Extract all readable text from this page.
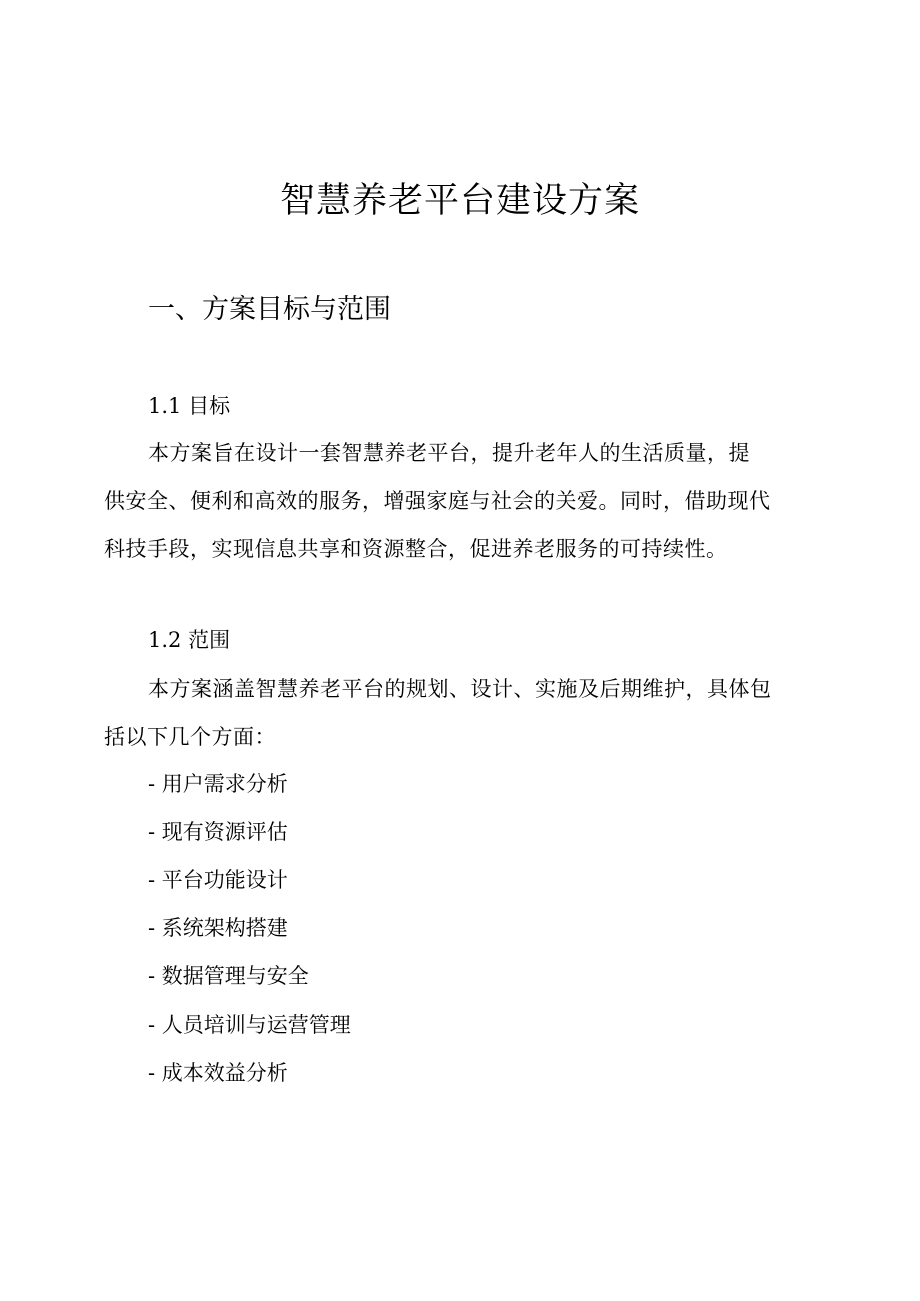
智慧养老平台建设方案
一、方案目标与范围
1.1 目标

本方案旨在设计一套智慧养老平台，提升老年人的生活质量，提

供安全、便利和高效的服务，增强家庭与社会的关爱。同时，借助现代

科技手段，实现信息共享和资源整合，促进养老服务的可持续性。

1.2 范围

本方案涵盖智慧养老平台的规划、设计、实施及后期维护，具体包

括以下几个方面：

- 用户需求分析

- 现有资源评估

- 平台功能设计

- 系统架构搭建

- 数据管理与安全

- 人员培训与运营管理

- 成本效益分析
